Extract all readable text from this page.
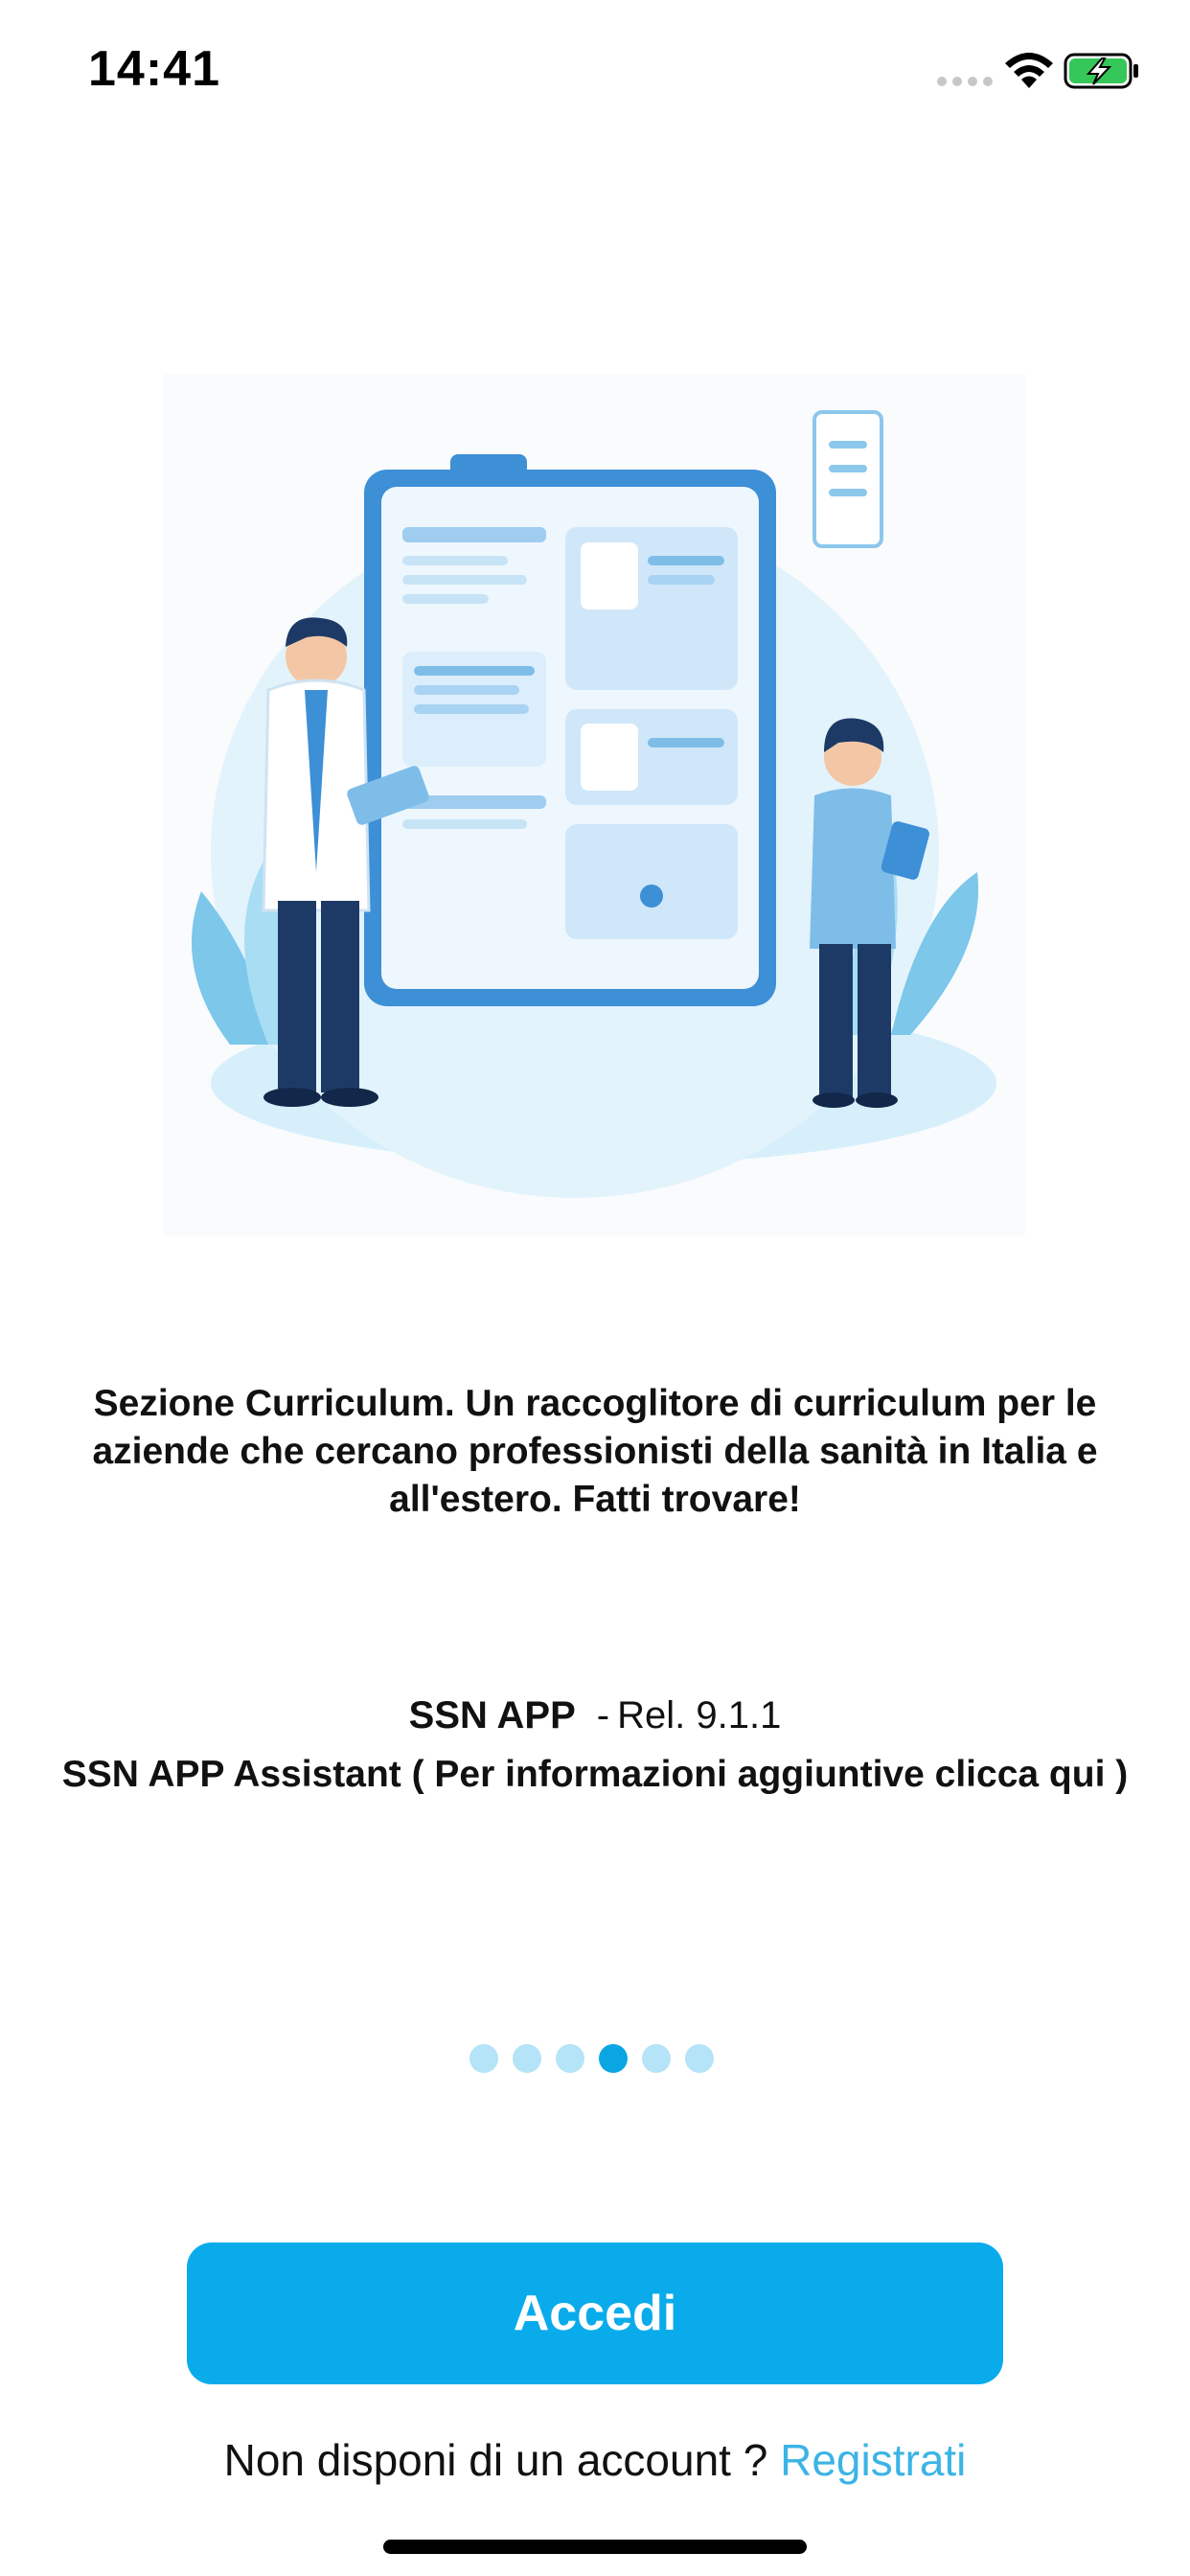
14:41
Sezione Curriculum. Un raccoglitore di curriculum per le aziende che cercano professionisti della sanità in Italia e all'estero. Fatti trovare!
SSN APP - Rel. 9.1.1
SSN APP Assistant ( Per informazioni aggiuntive clicca qui )
Accedi
Non disponi di un account ? Registrati
